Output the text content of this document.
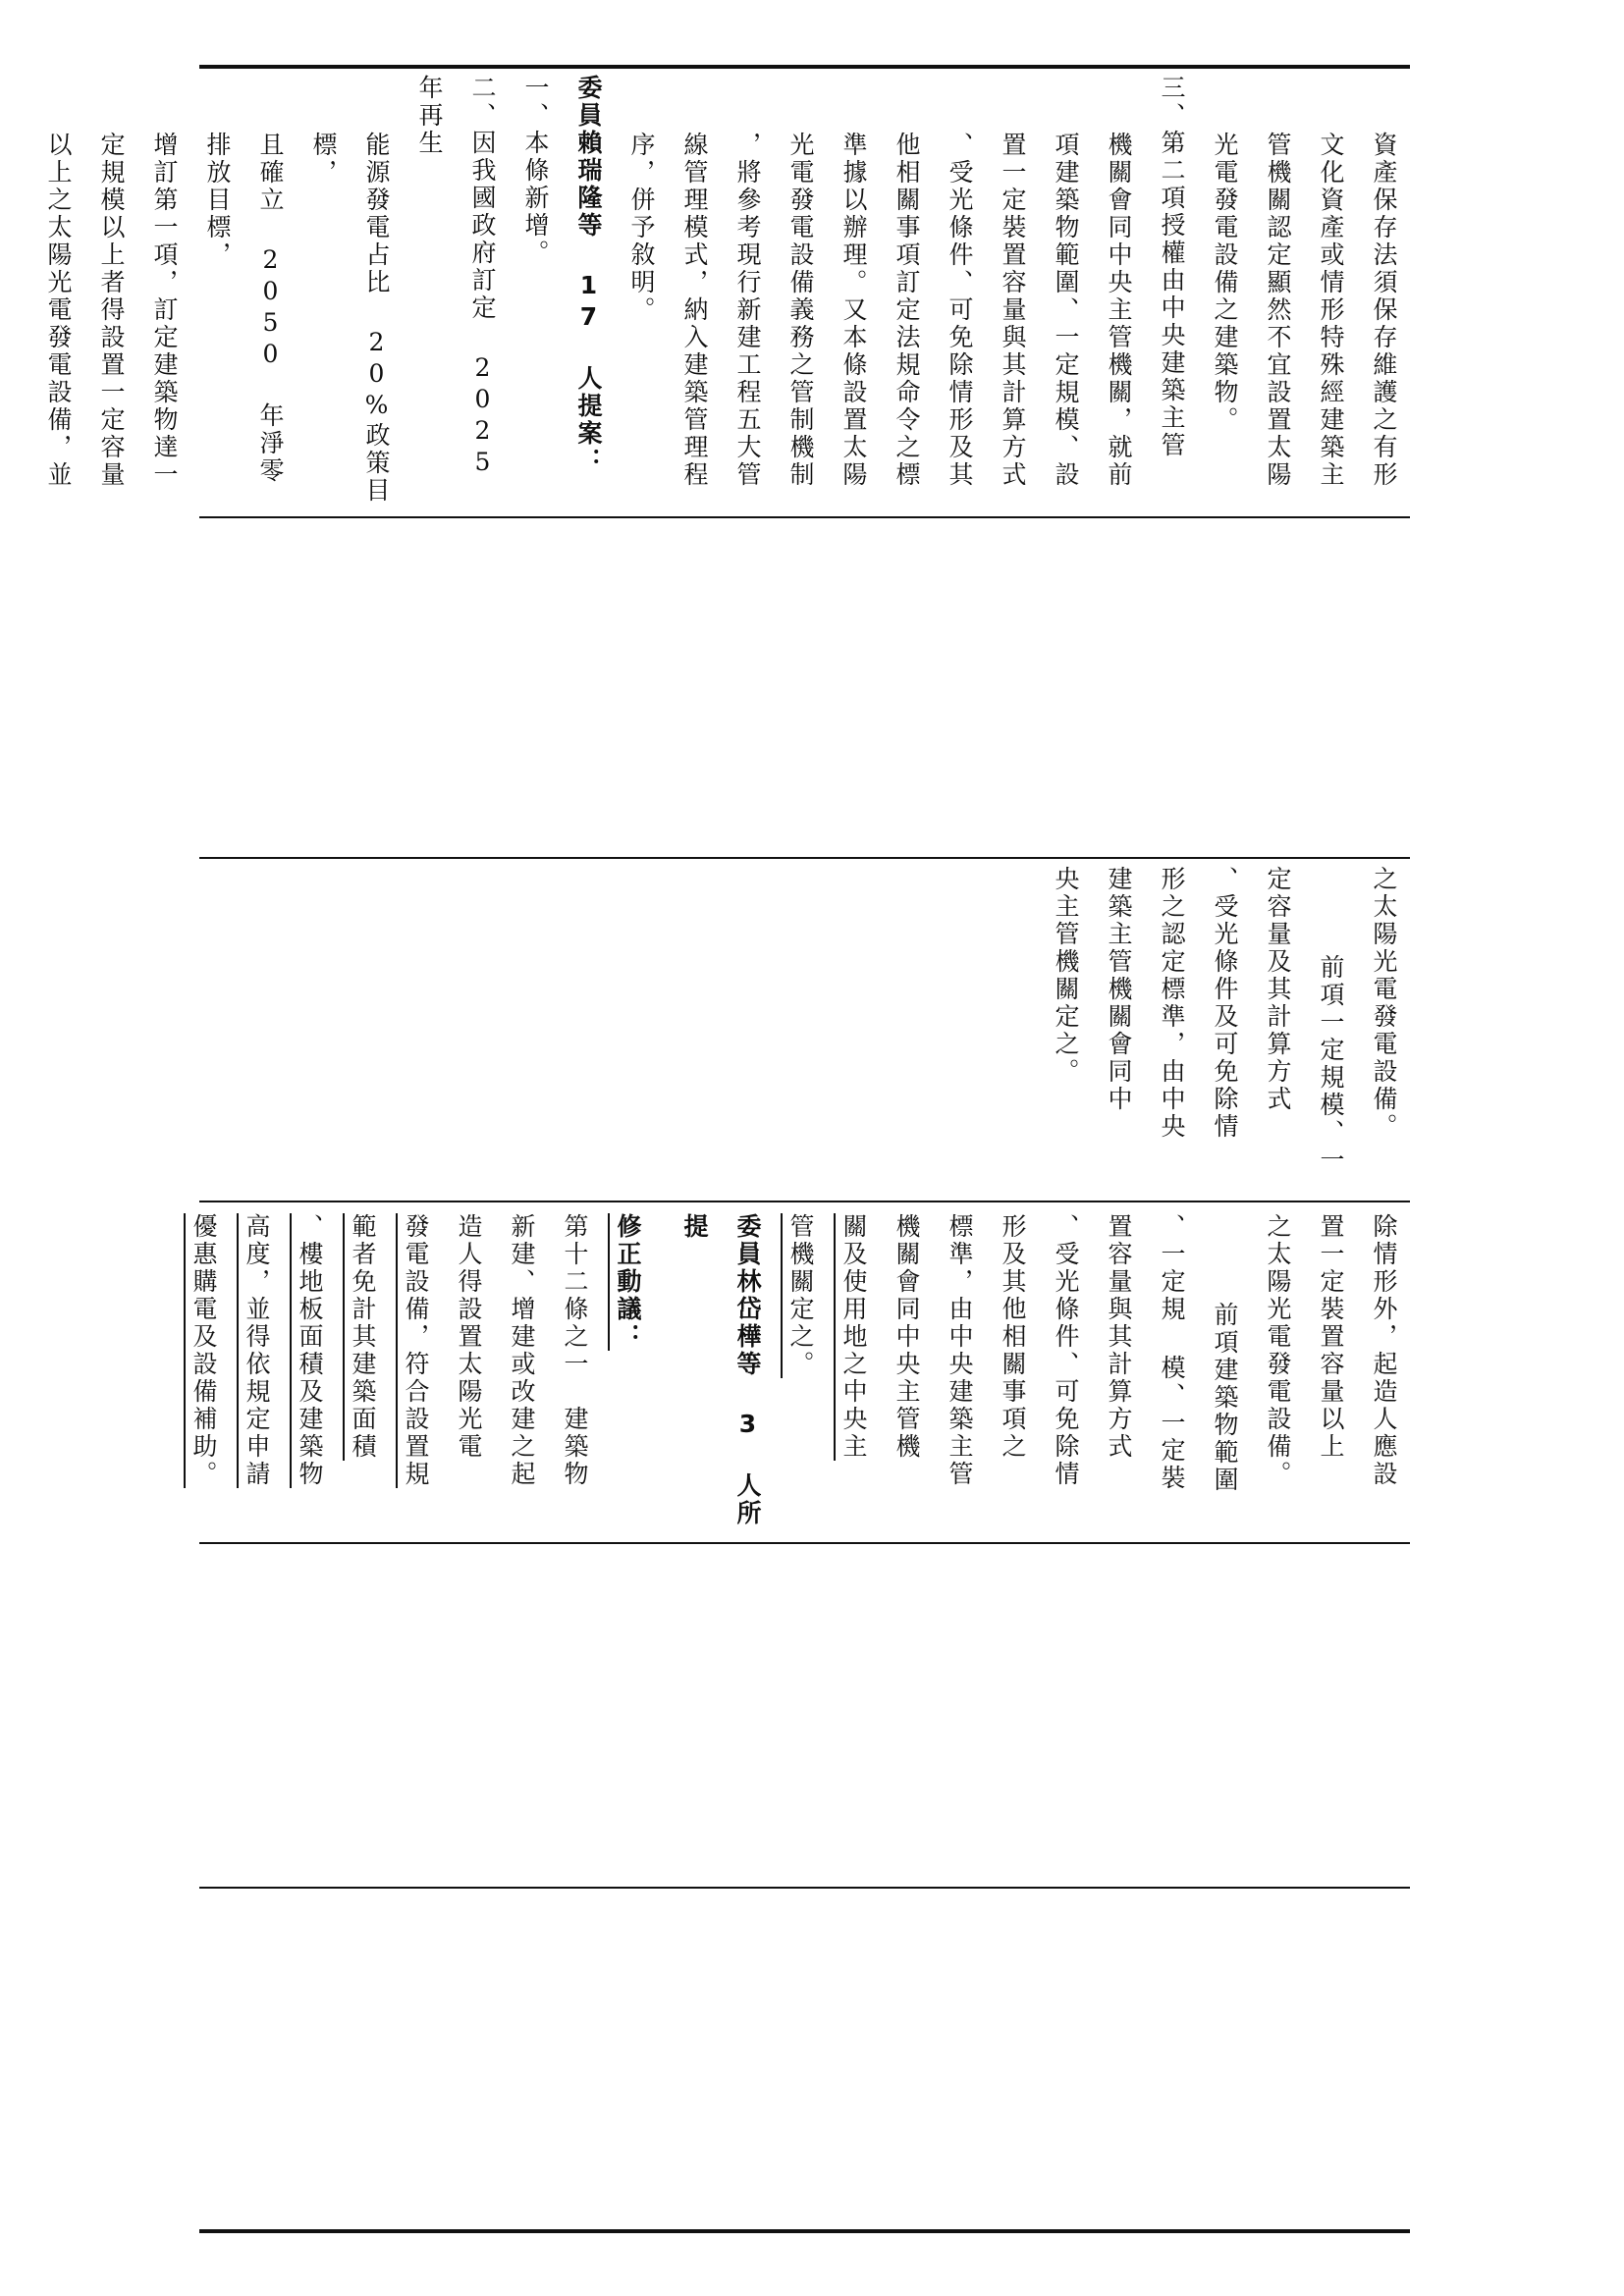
資產保存法須保存維護之有形

文化資產或情形特殊經建築主

管機關認定顯然不宜設置太陽

光電發電設備之建築物。

三、第二項授權由中央建築主管

機關會同中央主管機關，就前

項建築物範圍、一定規模、設

置一定裝置容量與其計算方式

、受光條件、可免除情形及其

他相關事項訂定法規命令之標

準據以辦理。又本條設置太陽

光電發電設備義務之管制機制

，將參考現行新建工程五大管

線管理模式，納入建築管理程

序，併予敘明。

委員賴瑞隆等 17 人提案：

一、本條新增。

二、因我國政府訂定 2025 年再生

能源發電占比 20%政策目標，

且確立 2050 年淨零排放目標，

增訂第一項，訂定建築物達一

定規模以上者得設置一定容量

以上之太陽光電發電設備，並

之太陽光電發電設備。

前項一定規模、一

定容量及其計算方式

、受光條件及可免除情

形之認定標準，由中央

建築主管機關會同中

央主管機關定之。

除情形外，起造人應設

置一定裝置容量以上

之太陽光電發電設備。

前項建築物範圍

、一定規 模、一定裝

置容量與其計算方式

、受光條件、可免除情

形及其他相關事項之

標準，由中央建築主管

機關會同中央主管機

關及使用地之中央主

管機關定之。

委員林岱樺等 3 人所提

修正動議：

第十二條之一　建築物

新建、增建或改建之起

造人得設置太陽光電

發電設備，符合設置規

範者免計其建築面積

、樓地板面積及建築物

高度，並得依規定申請

優惠購電及設備補助。
